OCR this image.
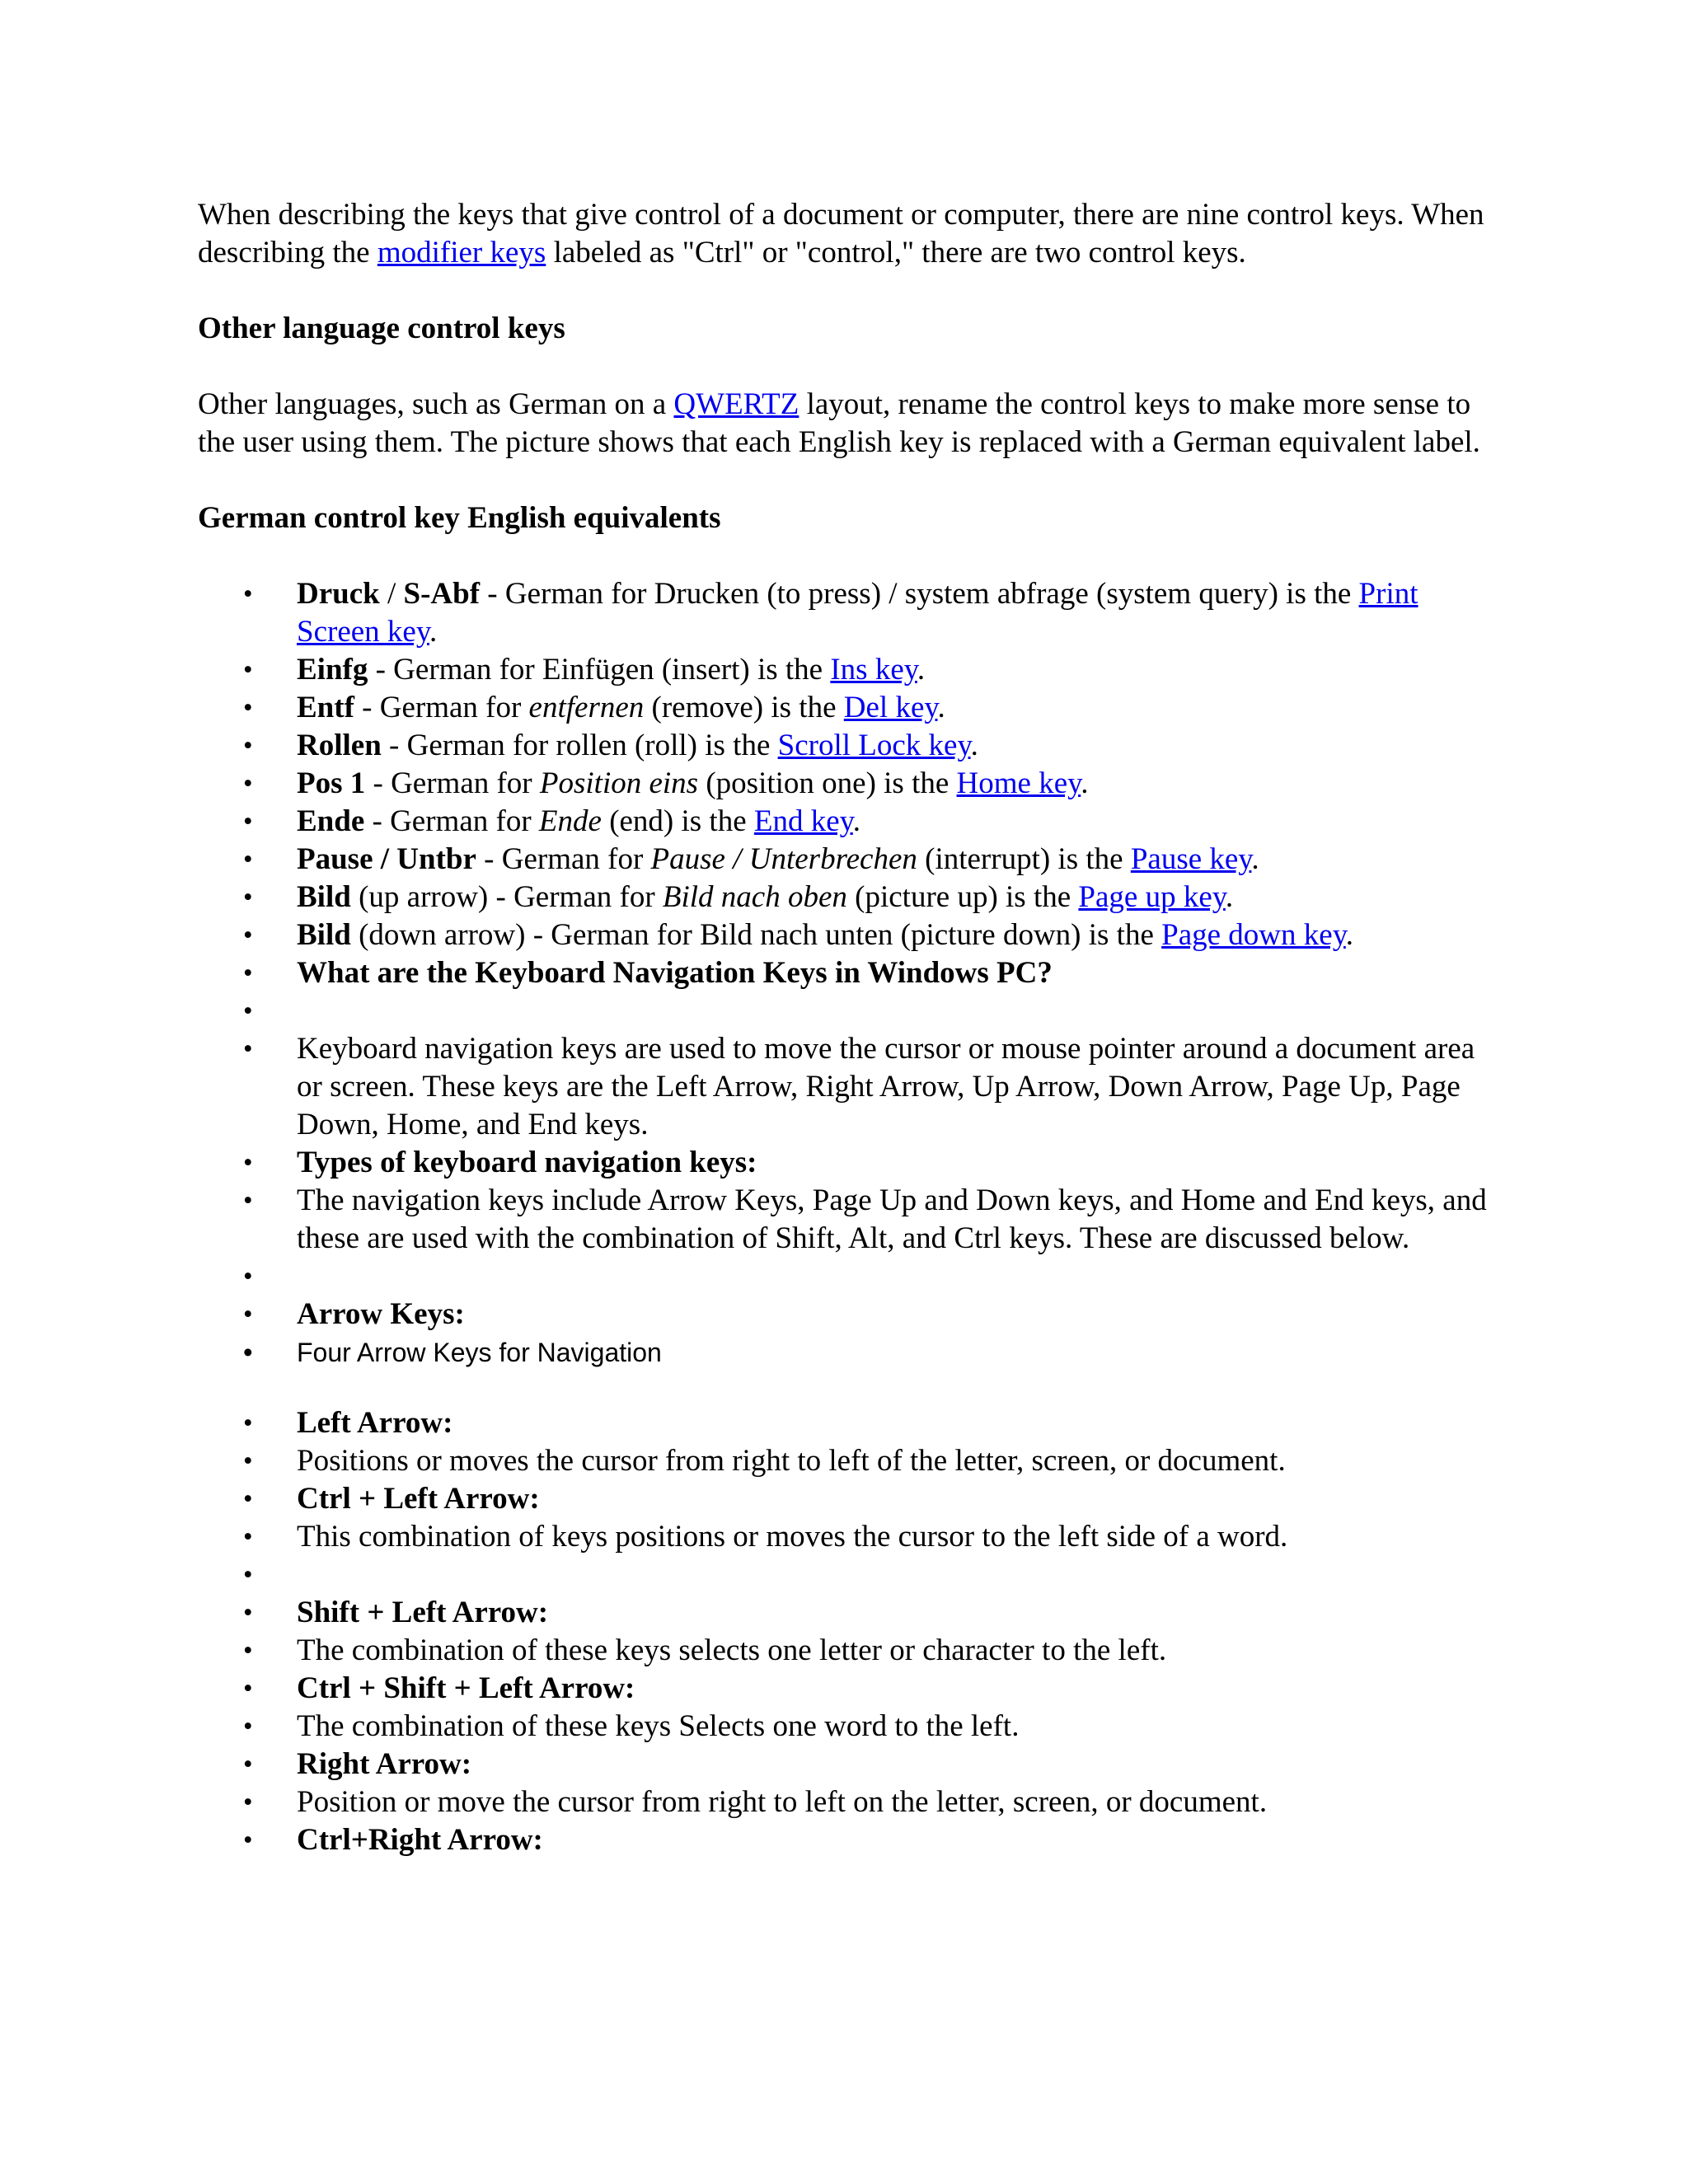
When describing the keys that give control of a document or computer, there are nine control keys. When describing the modifier keys labeled as "Ctrl" or "control," there are two control keys.

Other language control keys

Other languages, such as German on a QWERTZ layout, rename the control keys to make more sense to the user using them. The picture shows that each English key is replaced with a German equivalent label.

German control key English equivalents

• Druck / S-Abf - German for Drucken (to press) / system abfrage (system query) is the Print Screen key.
• Einfg - German for Einfügen (insert) is the Ins key.
• Entf - German for entfernen (remove) is the Del key.
• Rollen - German for rollen (roll) is the Scroll Lock key.
• Pos 1 - German for Position eins (position one) is the Home key.
• Ende - German for Ende (end) is the End key.
• Pause / Untbr - German for Pause / Unterbrechen (interrupt) is the Pause key.
• Bild (up arrow) - German for Bild nach oben (picture up) is the Page up key.
• Bild (down arrow) - German for Bild nach unten (picture down) is the Page down key.
• What are the Keyboard Navigation Keys in Windows PC?
•
• Keyboard navigation keys are used to move the cursor or mouse pointer around a document area or screen. These keys are the Left Arrow, Right Arrow, Up Arrow, Down Arrow, Page Up, Page Down, Home, and End keys.
• Types of keyboard navigation keys:
• The navigation keys include Arrow Keys, Page Up and Down keys, and Home and End keys, and these are used with the combination of Shift, Alt, and Ctrl keys. These are discussed below.
•
• Arrow Keys:
• Four Arrow Keys for Navigation
• Left Arrow:
• Positions or moves the cursor from right to left of the letter, screen, or document.
• Ctrl + Left Arrow:
• This combination of keys positions or moves the cursor to the left side of a word.
•
• Shift + Left Arrow:
• The combination of these keys selects one letter or character to the left.
• Ctrl + Shift + Left Arrow:
• The combination of these keys Selects one word to the left.
• Right Arrow:
• Position or move the cursor from right to left on the letter, screen, or document.
• Ctrl+Right Arrow:
